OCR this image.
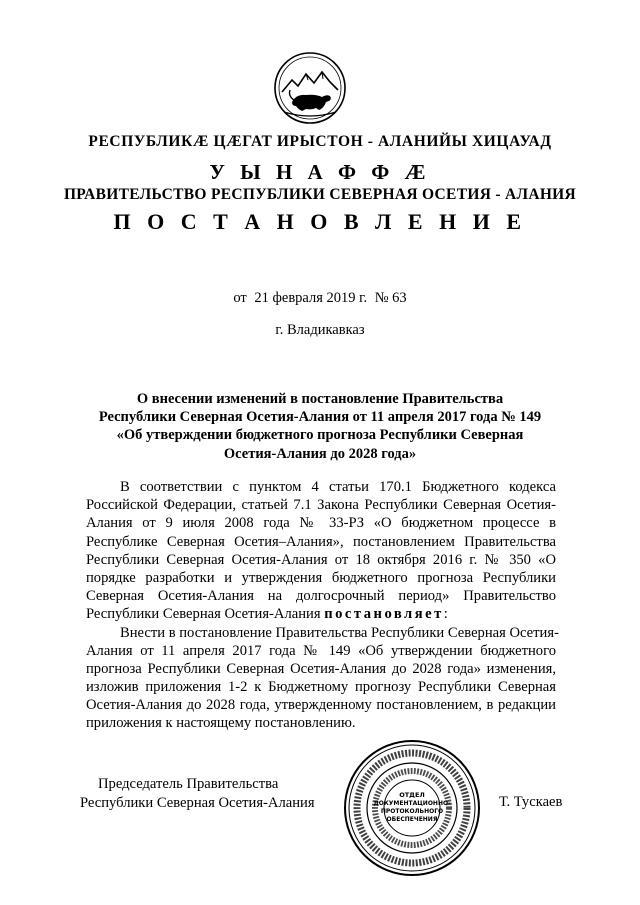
РЕСПУБЛИКÆ ЦÆГАТ ИРЫСТОН - АЛАНИЙЫ ХИЦАУАД
У Ы Н А Ф Ф Æ
ПРАВИТЕЛЬСТВО РЕСПУБЛИКИ СЕВЕРНАЯ ОСЕТИЯ - АЛАНИЯ
П О С Т А Н О В Л Е Н И Е
от 21 февраля 2019 г. № 63
г. Владикавказ
О внесении изменений в постановление Правительства
Республики Северная Осетия-Алания от 11 апреля 2017 года № 149
«Об утверждении бюджетного прогноза Республики Северная
Осетия-Алания до 2028 года»
В соответствии с пунктом 4 статьи 170.1 Бюджетного кодекса
Российской Федерации, статьей 7.1 Закона Республики Северная Осетия-
Алания от 9 июля 2008 года № 33-РЗ «О бюджетном процессе в
Республике Северная Осетия–Алания», постановлением Правительства
Республики Северная Осетия-Алания от 18 октября 2016 г. № 350 «О
порядке разработки и утверждения бюджетного прогноза Республики
Северная Осетия-Алания на долгосрочный период» Правительство
Республики Северная Осетия-Алания постановляет:
Внести в постановление Правительства Республики Северная Осетия-
Алания от 11 апреля 2017 года № 149 «Об утверждении бюджетного
прогноза Республики Северная Осетия-Алания до 2028 года» изменения,
изложив приложения 1-2 к Бюджетному прогнозу Республики Северная
Осетия-Алания до 2028 года, утвержденному постановлением, в редакции
приложения к настоящему постановлению.
Председатель Правительства
Республики Северная Осетия-Алания	ОТДЕЛ
ДОКУМЕНТАЦИОННО-
ПРОТОКОЛЬНОГО
ОБЕСПЕЧЕНИЯ
Т. Тускаев
